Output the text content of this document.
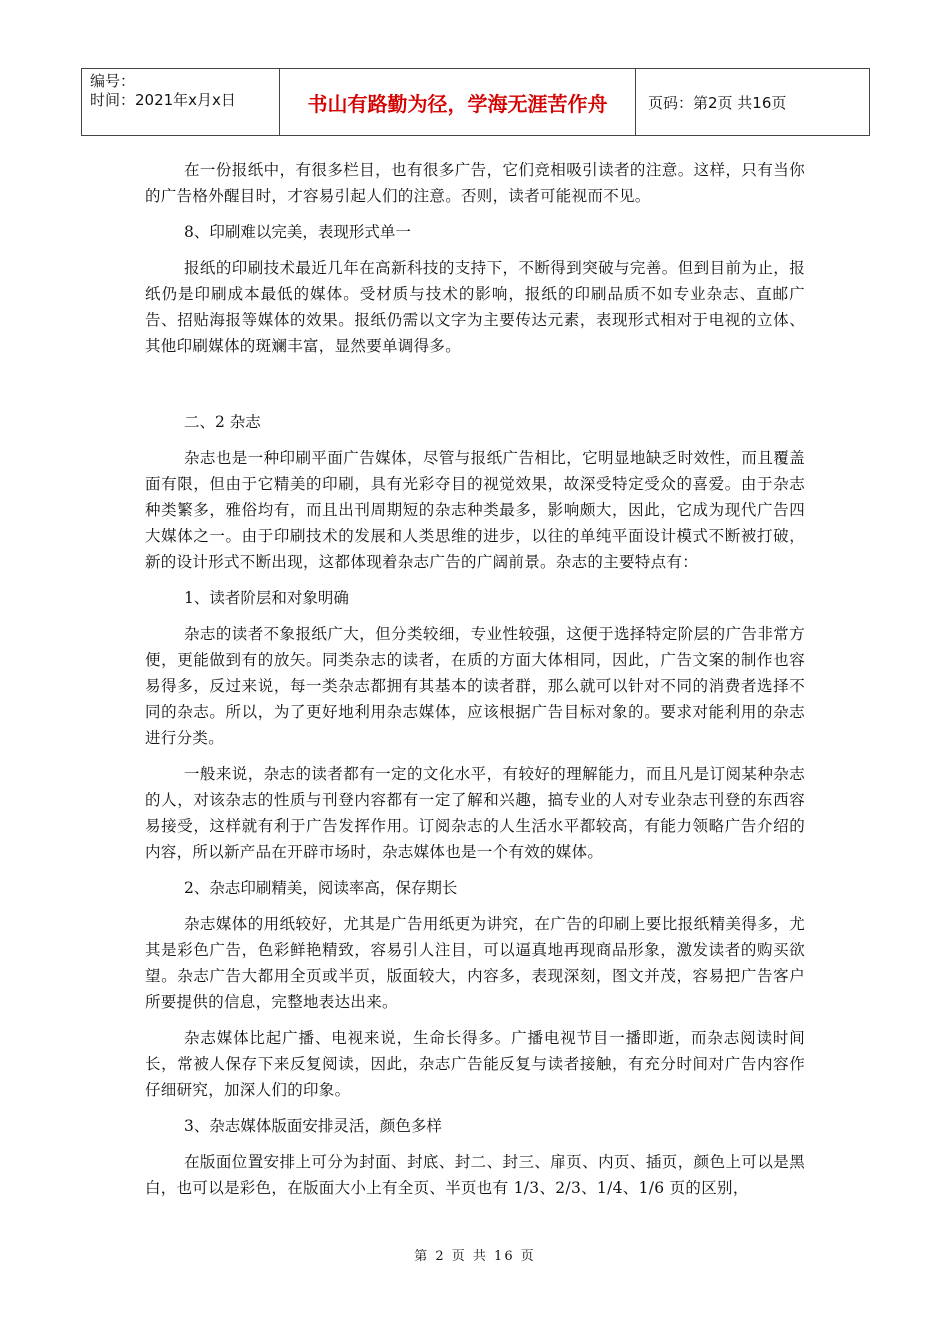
编号：
时间：2021年x月x日	书山有路勤为径，学海无涯苦作舟	页码：第2页 共16页

在一份报纸中，有很多栏目，也有很多广告，它们竞相吸引读者的注意。这样，只有当你的广告格外醒目时，才容易引起人们的注意。否则，读者可能视而不见。

8、印刷难以完美，表现形式单一

报纸的印刷技术最近几年在高新科技的支持下，不断得到突破与完善。但到目前为止，报纸仍是印刷成本最低的媒体。受材质与技术的影响，报纸的印刷品质不如专业杂志、直邮广告、招贴海报等媒体的效果。报纸仍需以文字为主要传达元素，表现形式相对于电视的立体、其他印刷媒体的斑斓丰富，显然要单调得多。

二、2 杂志

杂志也是一种印刷平面广告媒体，尽管与报纸广告相比，它明显地缺乏时效性，而且覆盖面有限，但由于它精美的印刷，具有光彩夺目的视觉效果，故深受特定受众的喜爱。由于杂志种类繁多，雅俗均有，而且出刊周期短的杂志种类最多，影响颇大，因此，它成为现代广告四大媒体之一。由于印刷技术的发展和人类思维的进步，以往的单纯平面设计模式不断被打破，新的设计形式不断出现，这都体现着杂志广告的广阔前景。杂志的主要特点有：

1、读者阶层和对象明确

杂志的读者不象报纸广大，但分类较细，专业性较强，这便于选择特定阶层的广告非常方便，更能做到有的放矢。同类杂志的读者，在质的方面大体相同，因此，广告文案的制作也容易得多，反过来说，每一类杂志都拥有其基本的读者群，那么就可以针对不同的消费者选择不同的杂志。所以，为了更好地利用杂志媒体，应该根据广告目标对象的。要求对能利用的杂志进行分类。

一般来说，杂志的读者都有一定的文化水平，有较好的理解能力，而且凡是订阅某种杂志的人，对该杂志的性质与刊登内容都有一定了解和兴趣，搞专业的人对专业杂志刊登的东西容易接受，这样就有利于广告发挥作用。订阅杂志的人生活水平都较高，有能力领略广告介绍的内容，所以新产品在开辟市场时，杂志媒体也是一个有效的媒体。

2、杂志印刷精美，阅读率高，保存期长

杂志媒体的用纸较好，尤其是广告用纸更为讲究，在广告的印刷上要比报纸精美得多，尤其是彩色广告，色彩鲜艳精致，容易引人注目，可以逼真地再现商品形象，激发读者的购买欲望。杂志广告大都用全页或半页，版面较大，内容多，表现深刻，图文并茂，容易把广告客户所要提供的信息，完整地表达出来。

杂志媒体比起广播、电视来说，生命长得多。广播电视节目一播即逝，而杂志阅读时间长，常被人保存下来反复阅读，因此，杂志广告能反复与读者接触，有充分时间对广告内容作仔细研究，加深人们的印象。

3、杂志媒体版面安排灵活，颜色多样

在版面位置安排上可分为封面、封底、封二、封三、扉页、内页、插页，颜色上可以是黑白，也可以是彩色，在版面大小上有全页、半页也有 1/3、2/3、1/4、1/6 页的区别，

第 2 页 共 16 页
